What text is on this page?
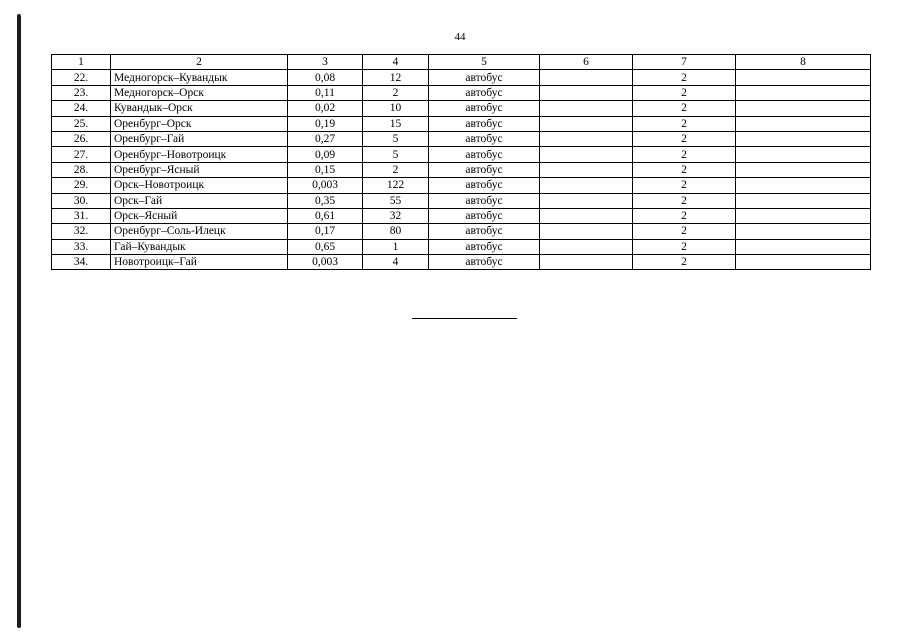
44
1	2	3	4	5	6	7	8
22.	Медногорск–Кувандык	0,08	12	автобус		2	
23.	Медногорск–Орск	0,11	2	автобус		2	
24.	Кувандык–Орск	0,02	10	автобус		2	
25.	Оренбург–Орск	0,19	15	автобус		2	
26.	Оренбург–Гай	0,27	5	автобус		2	
27.	Оренбург–Новотроицк	0,09	5	автобус		2	
28.	Оренбург–Ясный	0,15	2	автобус		2	
29.	Орск–Новотроицк	0,003	122	автобус		2	
30.	Орск–Гай	0,35	55	автобус		2	
31.	Орск–Ясный	0,61	32	автобус		2	
32.	Оренбург–Соль-Илецк	0,17	80	автобус		2	
33.	Гай–Кувандык	0,65	1	автобус		2	
34.	Новотроицк–Гай	0,003	4	автобус		2	
